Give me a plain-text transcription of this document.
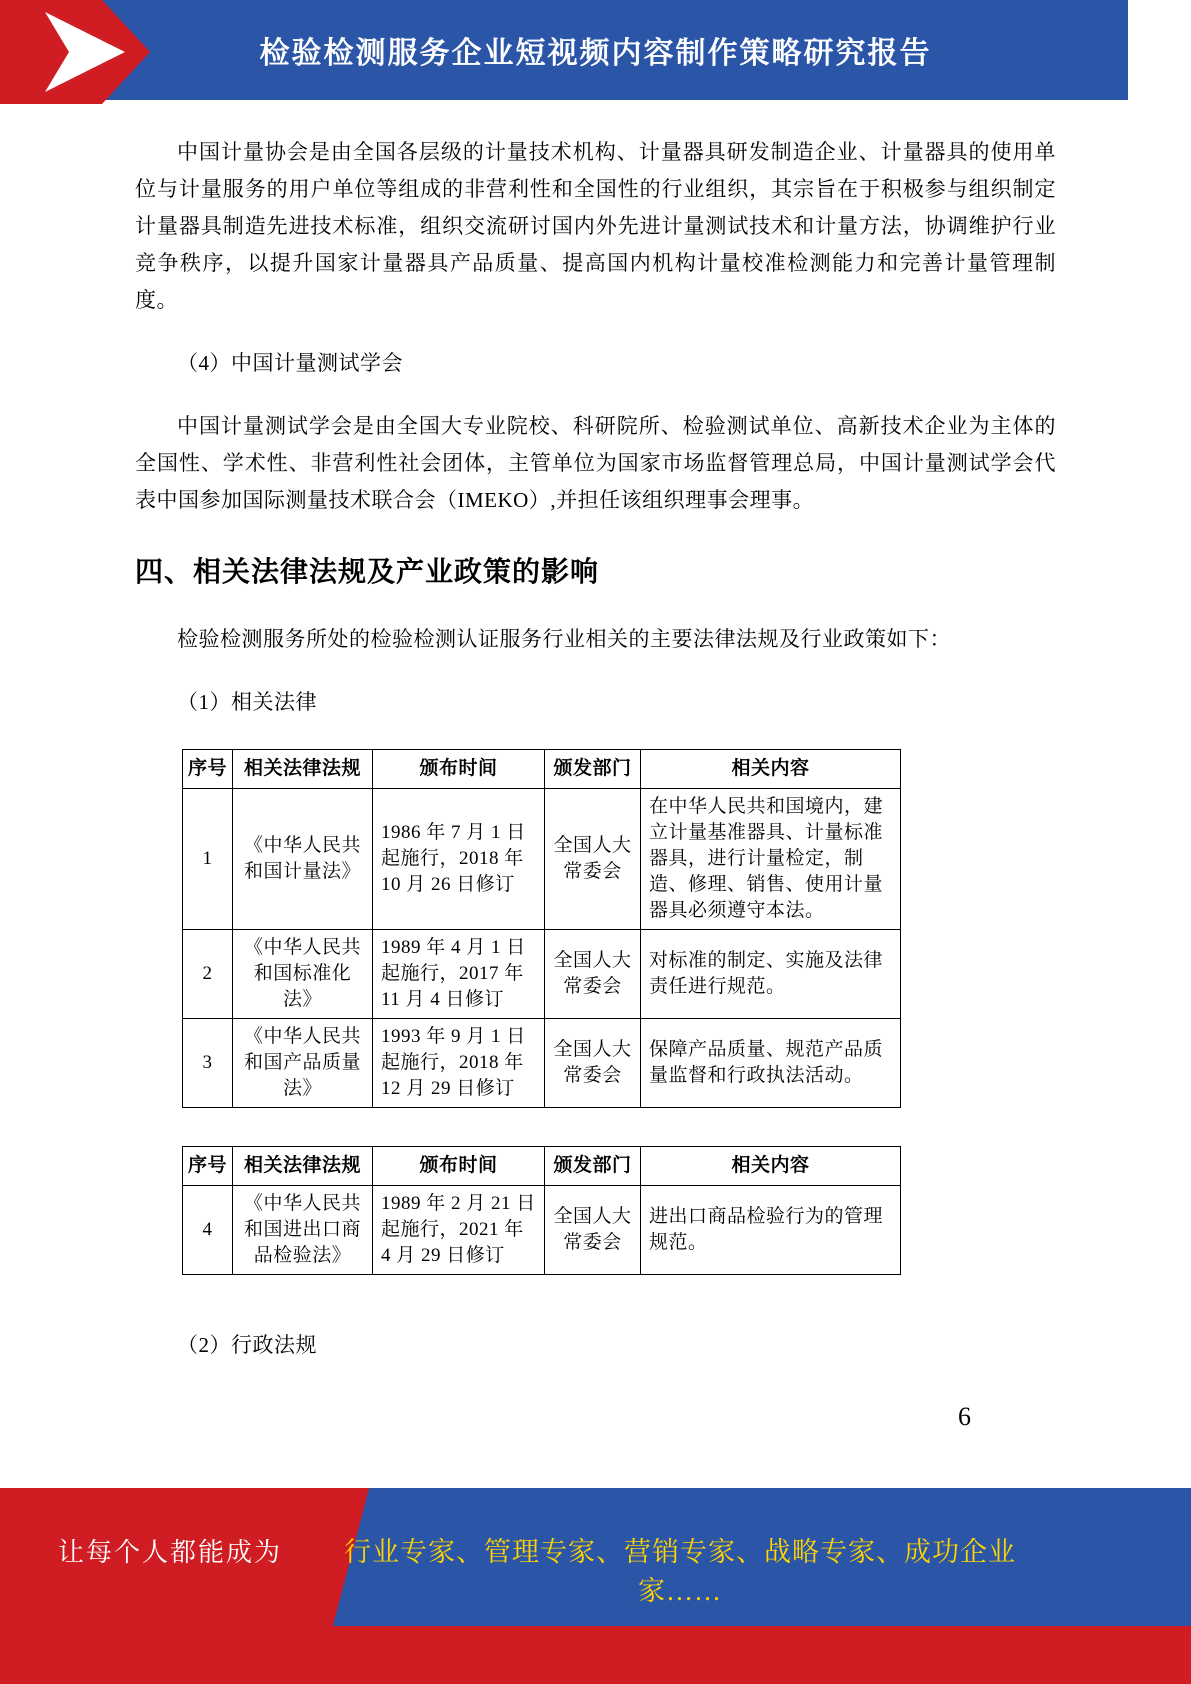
检验检测服务企业短视频内容制作策略研究报告

中国计量协会是由全国各层级的计量技术机构、计量器具研发制造企业、计量器具的使用单位与计量服务的用户单位等组成的非营利性和全国性的行业组织，其宗旨在于积极参与组织制定计量器具制造先进技术标准，组织交流研讨国内外先进计量测试技术和计量方法，协调维护行业竞争秩序，以提升国家计量器具产品质量、提高国内机构计量校准检测能力和完善计量管理制度。

（4）中国计量测试学会

中国计量测试学会是由全国大专业院校、科研院所、检验测试单位、高新技术企业为主体的全国性、学术性、非营利性社会团体，主管单位为国家市场监督管理总局，中国计量测试学会代表中国参加国际测量技术联合会（IMEKO）,并担任该组织理事会理事。

四、相关法律法规及产业政策的影响

检验检测服务所处的检验检测认证服务行业相关的主要法律法规及行业政策如下：

（1）相关法律

序号	相关法律法规	颁布时间	颁发部门	相关内容
1	《中华人民共和国计量法》	1986 年 7 月 1 日起施行，2018 年 10 月 26 日修订	全国人大常委会	在中华人民共和国境内，建立计量基准器具、计量标准器具，进行计量检定，制造、修理、销售、使用计量器具必须遵守本法。
2	《中华人民共和国标准化法》	1989 年 4 月 1 日起施行，2017 年 11 月 4 日修订	全国人大常委会	对标准的制定、实施及法律责任进行规范。
3	《中华人民共和国产品质量法》	1993 年 9 月 1 日起施行，2018 年 12 月 29 日修订	全国人大常委会	保障产品质量、规范产品质量监督和行政执法活动。
序号	相关法律法规	颁布时间	颁发部门	相关内容
4	《中华人民共和国进出口商品检验法》	1989 年 2 月 21 日起施行，2021 年 4 月 29 日修订	全国人大常委会	进出口商品检验行为的管理规范。

（2）行政法规

6
让每个人都能成为	行业专家、管理专家、营销专家、战略专家、成功企业家……
